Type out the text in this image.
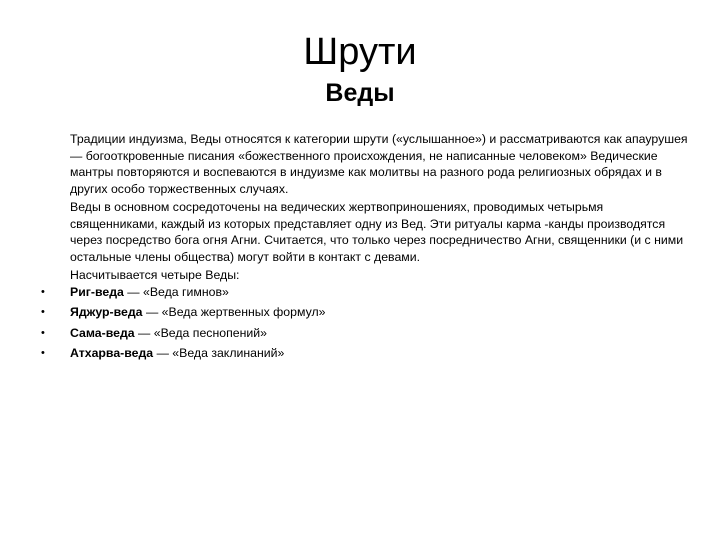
Шрути
Веды

Традиции индуизма, Веды относятся к категории шрути («услышанное») и рассматриваются как апаурушея — богооткровенные писания «божественного происхождения, не написанные человеком» Ведические мантры повторяются и воспеваются в индуизме как молитвы на разного рода религиозных обрядах и в других особо торжественных случаях.

Веды в основном сосредоточены на ведических жертвоприношениях, проводимых четырьмя священниками, каждый из которых представляет одну из Вед. Эти ритуалы карма -канды производятся через посредство бога огня Агни. Считается, что только через посредничество Агни, священники (и с ними остальные члены общества) могут войти в контакт с девами.

Насчитывается четыре Веды:

• Риг-веда — «Веда гимнов»
• Яджур-веда — «Веда жертвенных формул»
• Сама-веда — «Веда песнопений»
• Атхарва-веда — «Веда заклинаний»
